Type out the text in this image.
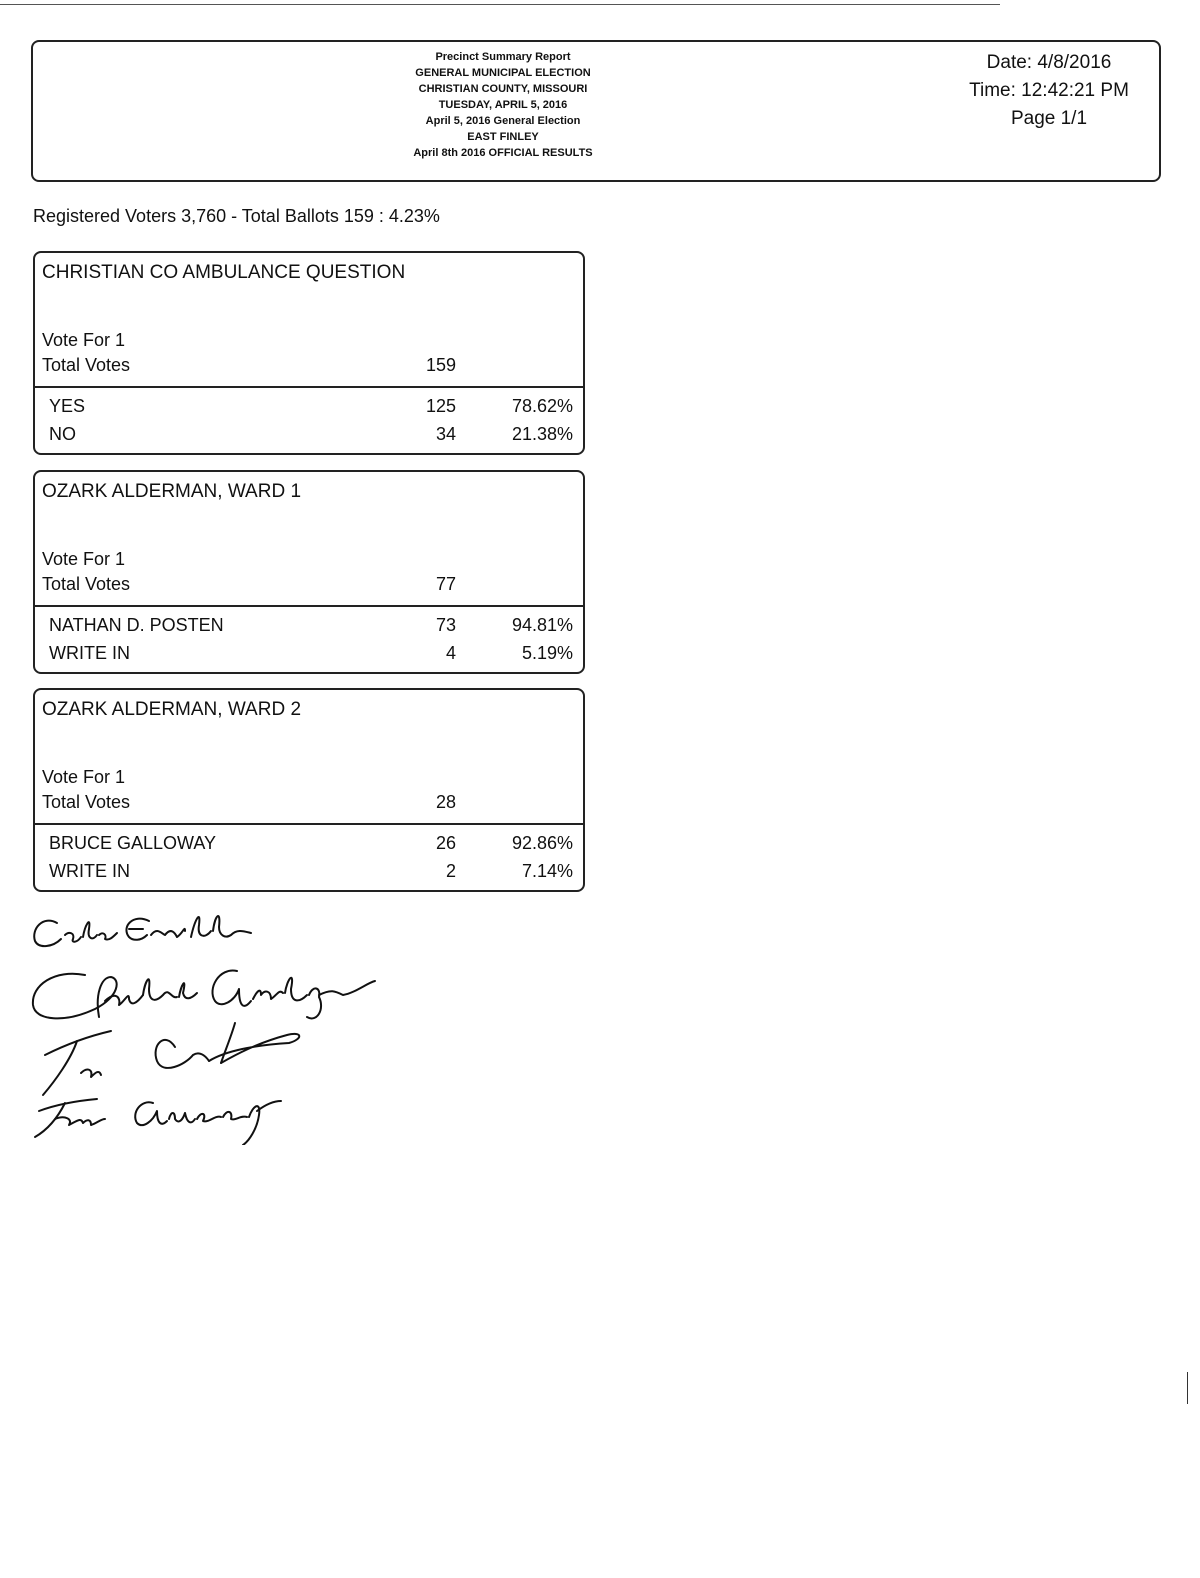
Precinct Summary Report
GENERAL MUNICIPAL ELECTION
CHRISTIAN COUNTY, MISSOURI
TUESDAY, APRIL 5, 2016
April 5, 2016 General Election
EAST FINLEY
April 8th 2016 OFFICIAL RESULTS
Date: 4/8/2016
Time: 12:42:21 PM
Page 1/1
Registered Voters 3,760 - Total Ballots 159 : 4.23%
CHRISTIAN CO AMBULANCE QUESTION
Vote For 1
Total Votes	159
YES	125	78.62%
NO	34	21.38%
OZARK ALDERMAN, WARD 1
Vote For 1
Total Votes	77
NATHAN D. POSTEN	73	94.81%
WRITE IN	4	5.19%
OZARK ALDERMAN, WARD 2
Vote For 1
Total Votes	28
BRUCE GALLOWAY	26	92.86%
WRITE IN	2	7.14%
